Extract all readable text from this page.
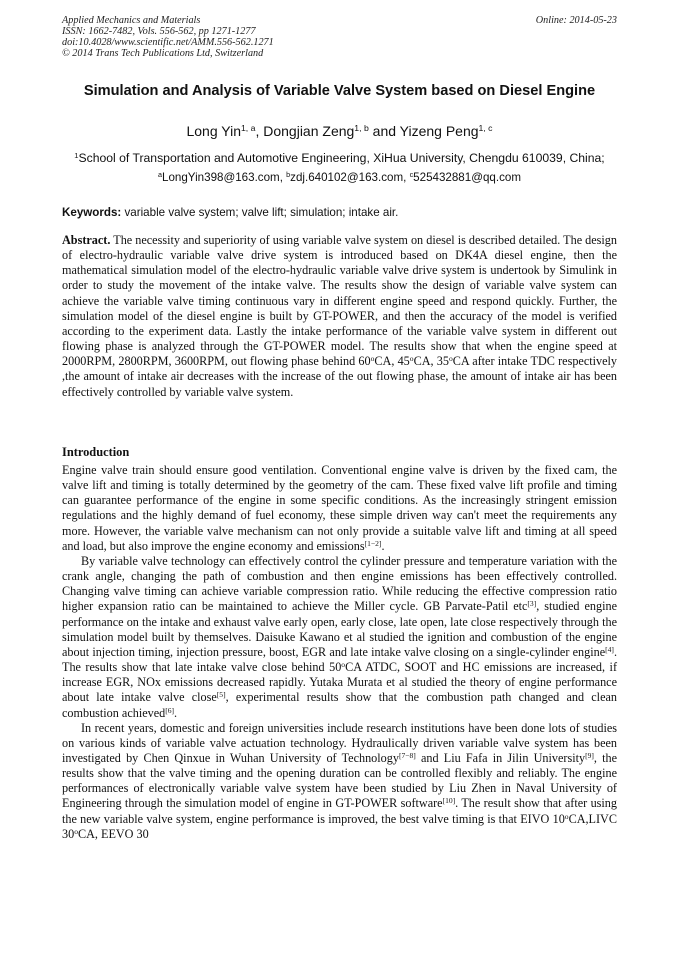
Applied Mechanics and Materials
ISSN: 1662-7482, Vols. 556-562, pp 1271-1277
doi:10.4028/www.scientific.net/AMM.556-562.1271
© 2014 Trans Tech Publications Ltd, Switzerland
Online: 2014-05-23
Simulation and Analysis of Variable Valve System based on Diesel Engine
Long Yin$^{1, a}$, Dongjian Zeng$^{1, b}$ and Yizeng Peng$^{1, c}$
$^1$School of Transportation and Automotive Engineering, XiHua University, Chengdu 610039, China;
$^a$LongYin398@163.com, $^b$zdj.640102@163.com, $^c$525432881@qq.com
Keywords: variable valve system; valve lift; simulation; intake air.
Abstract. The necessity and superiority of using variable valve system on diesel is described detailed. The design of electro-hydraulic variable valve drive system is introduced based on DK4A diesel engine, then the mathematical simulation model of the electro-hydraulic variable valve drive system is undertook by Simulink in order to study the movement of the intake valve. The results show the design of variable valve system can achieve the variable valve timing continuous vary in different engine speed and respond quickly. Further, the simulation model of the diesel engine is built by GT-POWER, and then the accuracy of the model is verified according to the experiment data. Lastly the intake performance of the variable valve system in different out flowing phase is analyzed through the GT-POWER model. The results show that when the engine speed at 2000RPM, 2800RPM, 3600RPM, out flowing phase behind 60$^o$CA, 45$^o$CA, 35$^o$CA after intake TDC respectively ,the amount of intake air decreases with the increase of the out flowing phase, the amount of intake air has been effectively controlled by variable valve system.
Introduction

Engine valve train should ensure good ventilation. Conventional engine valve is driven by the fixed cam, the valve lift and timing is totally determined by the geometry of the cam. These fixed valve lift profile and timing can guarantee performance of the engine in some specific conditions. As the increasingly stringent emission regulations and the highly demand of fuel economy, these simple driven way can't meet the requirements any more. However, the variable valve mechanism can not only provide a suitable valve lift and timing at all speed and load, but also improve the engine economy and emissions[1−2].

By variable valve technology can effectively control the cylinder pressure and temperature variation with the crank angle, changing the path of combustion and then engine emissions has been effectively controlled. Changing valve timing can achieve variable compression ratio. While reducing the effective compression ratio higher expansion ratio can be maintained to achieve the Miller cycle. GB Parvate-Patil etc[3], studied engine performance on the intake and exhaust valve early open, early close, late open, late close respectively through the simulation model built by themselves. Daisuke Kawano et al studied the ignition and combustion of the engine about injection timing, injection pressure, boost, EGR and late intake valve closing on a single-cylinder engine[4]. The results show that late intake valve close behind 50$^o$CA ATDC, SOOT and HC emissions are increased, if increase EGR, NOx emissions decreased rapidly. Yutaka Murata et al studied the theory of engine performance about late intake valve close[5], experimental results show that the combustion path changed and clean combustion achieved[6].

In recent years, domestic and foreign universities include research institutions have been done lots of studies on various kinds of variable valve actuation technology. Hydraulically driven variable valve system has been investigated by Chen Qinxue in Wuhan University of Technology[7−8] and Liu Fafa in Jilin University[9], the results show that the valve timing and the opening duration can be controlled flexibly and reliably. The engine performances of electronically variable valve system have been studied by Liu Zhen in Naval University of Engineering through the simulation model of engine in GT-POWER software[10]. The result show that after using the new variable valve system, engine performance is improved, the best valve timing is that EIVO 10$^o$CA,LIVC 30$^o$CA, EEVO 30
